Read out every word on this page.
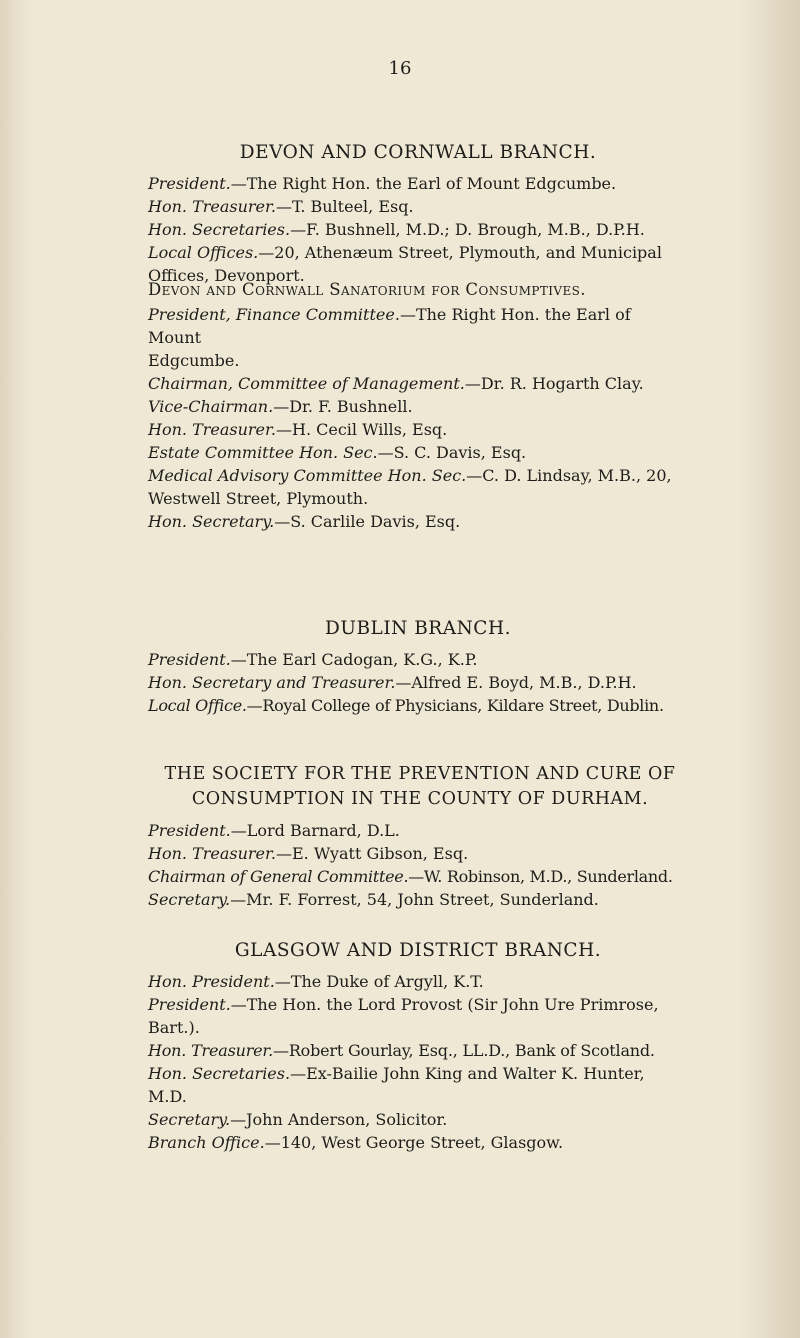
16
DEVON AND CORNWALL BRANCH.

President.—The Right Hon. the Earl of Mount Edgcumbe.

Hon. Treasurer.—T. Bulteel, Esq.

Hon. Secretaries.—F. Bushnell, M.D.; D. Brough, M.B., D.P.H.

Local Offices.—20, Athenæum Street, Plymouth, and Municipal

Offices, Devonport.

Devon and Cornwall Sanatorium for Consumptives.

President, Finance Committee.—The Right Hon. the Earl of Mount

Edgcumbe.

Chairman, Committee of Management.—Dr. R. Hogarth Clay.

Vice-Chairman.—Dr. F. Bushnell.

Hon. Treasurer.—H. Cecil Wills, Esq.

Estate Committee Hon. Sec.—S. C. Davis, Esq.

Medical Advisory Committee Hon. Sec.—C. D. Lindsay, M.B., 20,

Westwell Street, Plymouth.

Hon. Secretary.—S. Carlile Davis, Esq.

DUBLIN BRANCH.

President.—The Earl Cadogan, K.G., K.P.

Hon. Secretary and Treasurer.—Alfred E. Boyd, M.B., D.P.H.

Local Office.—Royal College of Physicians, Kildare Street, Dublin.

THE SOCIETY FOR THE PREVENTION AND CURE OF
CONSUMPTION IN THE COUNTY OF DURHAM.

President.—Lord Barnard, D.L.

Hon. Treasurer.—E. Wyatt Gibson, Esq.

Chairman of General Committee.—W. Robinson, M.D., Sunderland.

Secretary.—Mr. F. Forrest, 54, John Street, Sunderland.

GLASGOW AND DISTRICT BRANCH.

Hon. President.—The Duke of Argyll, K.T.

President.—The Hon. the Lord Provost (Sir John Ure Primrose,

Bart.).

Hon. Treasurer.—Robert Gourlay, Esq., LL.D., Bank of Scotland.

Hon. Secretaries.—Ex-Bailie John King and Walter K. Hunter,

M.D.

Secretary.—John Anderson, Solicitor.

Branch Office.—140, West George Street, Glasgow.
